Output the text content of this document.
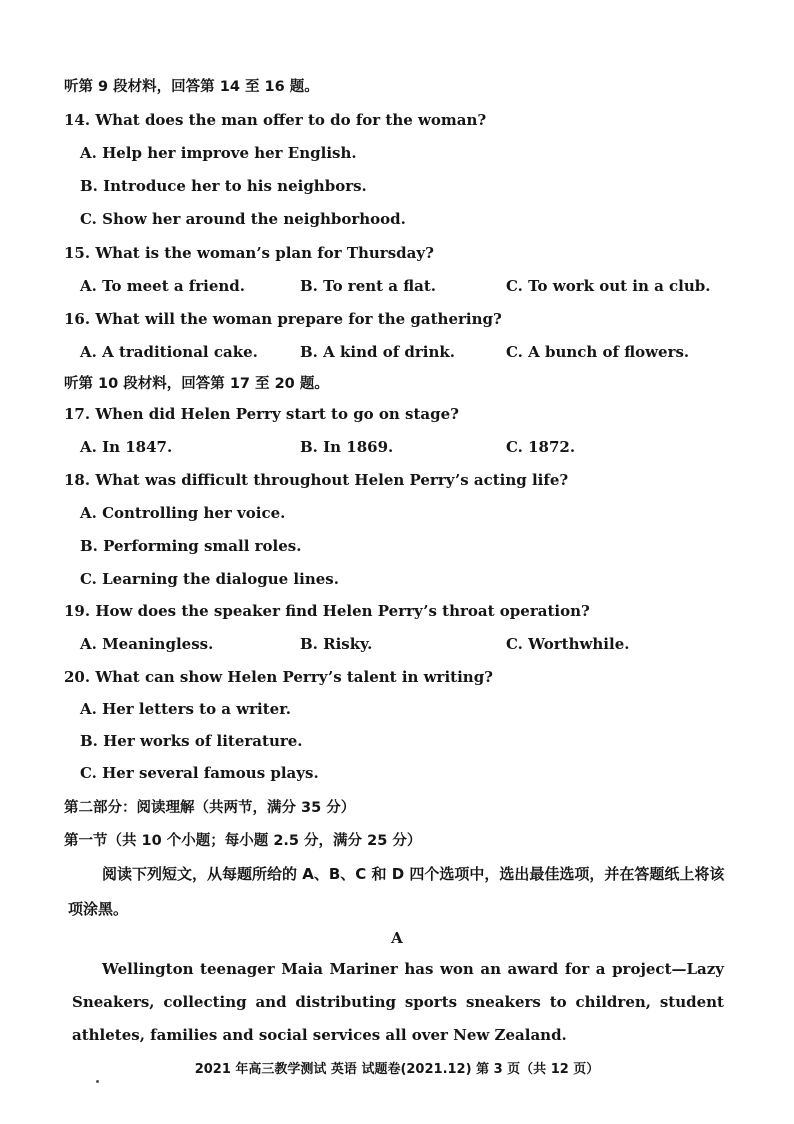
听第 9 段材料，回答第 14 至 16 题。
14. What does the man offer to do for the woman?
A. Help her improve her English.
B. Introduce her to his neighbors.
C. Show her around the neighborhood.
15. What is the woman’s plan for Thursday?
A. To meet a friend.	B. To rent a flat.	C. To work out in a club.
16. What will the woman prepare for the gathering?
A. A traditional cake.	B. A kind of drink.	C. A bunch of flowers.
听第 10 段材料，回答第 17 至 20 题。
17. When did Helen Perry start to go on stage?
A. In 1847.	B. In 1869.	C. 1872.
18. What was difficult throughout Helen Perry’s acting life?
A. Controlling her voice.
B. Performing small roles.
C. Learning the dialogue lines.
19. How does the speaker find Helen Perry’s throat operation?
A. Meaningless.	B. Risky.	C. Worthwhile.
20. What can show Helen Perry’s talent in writing?
A. Her letters to a writer.
B. Her works of literature.
C. Her several famous plays.
第二部分：阅读理解（共两节，满分 35 分）
第一节（共 10 个小题；每小题 2.5 分，满分 25 分）
阅读下列短文，从每题所给的 A、B、C 和 D 四个选项中，选出最佳选项，并在答题纸上将该项涂黑。
A
Wellington teenager Maia Mariner has won an award for a project—Lazy Sneakers, collecting and distributing sports sneakers to children, student athletes, families and social services all over New Zealand.
2021 年高三教学测试 英语 试题卷(2021.12) 第 3 页（共 12 页）
